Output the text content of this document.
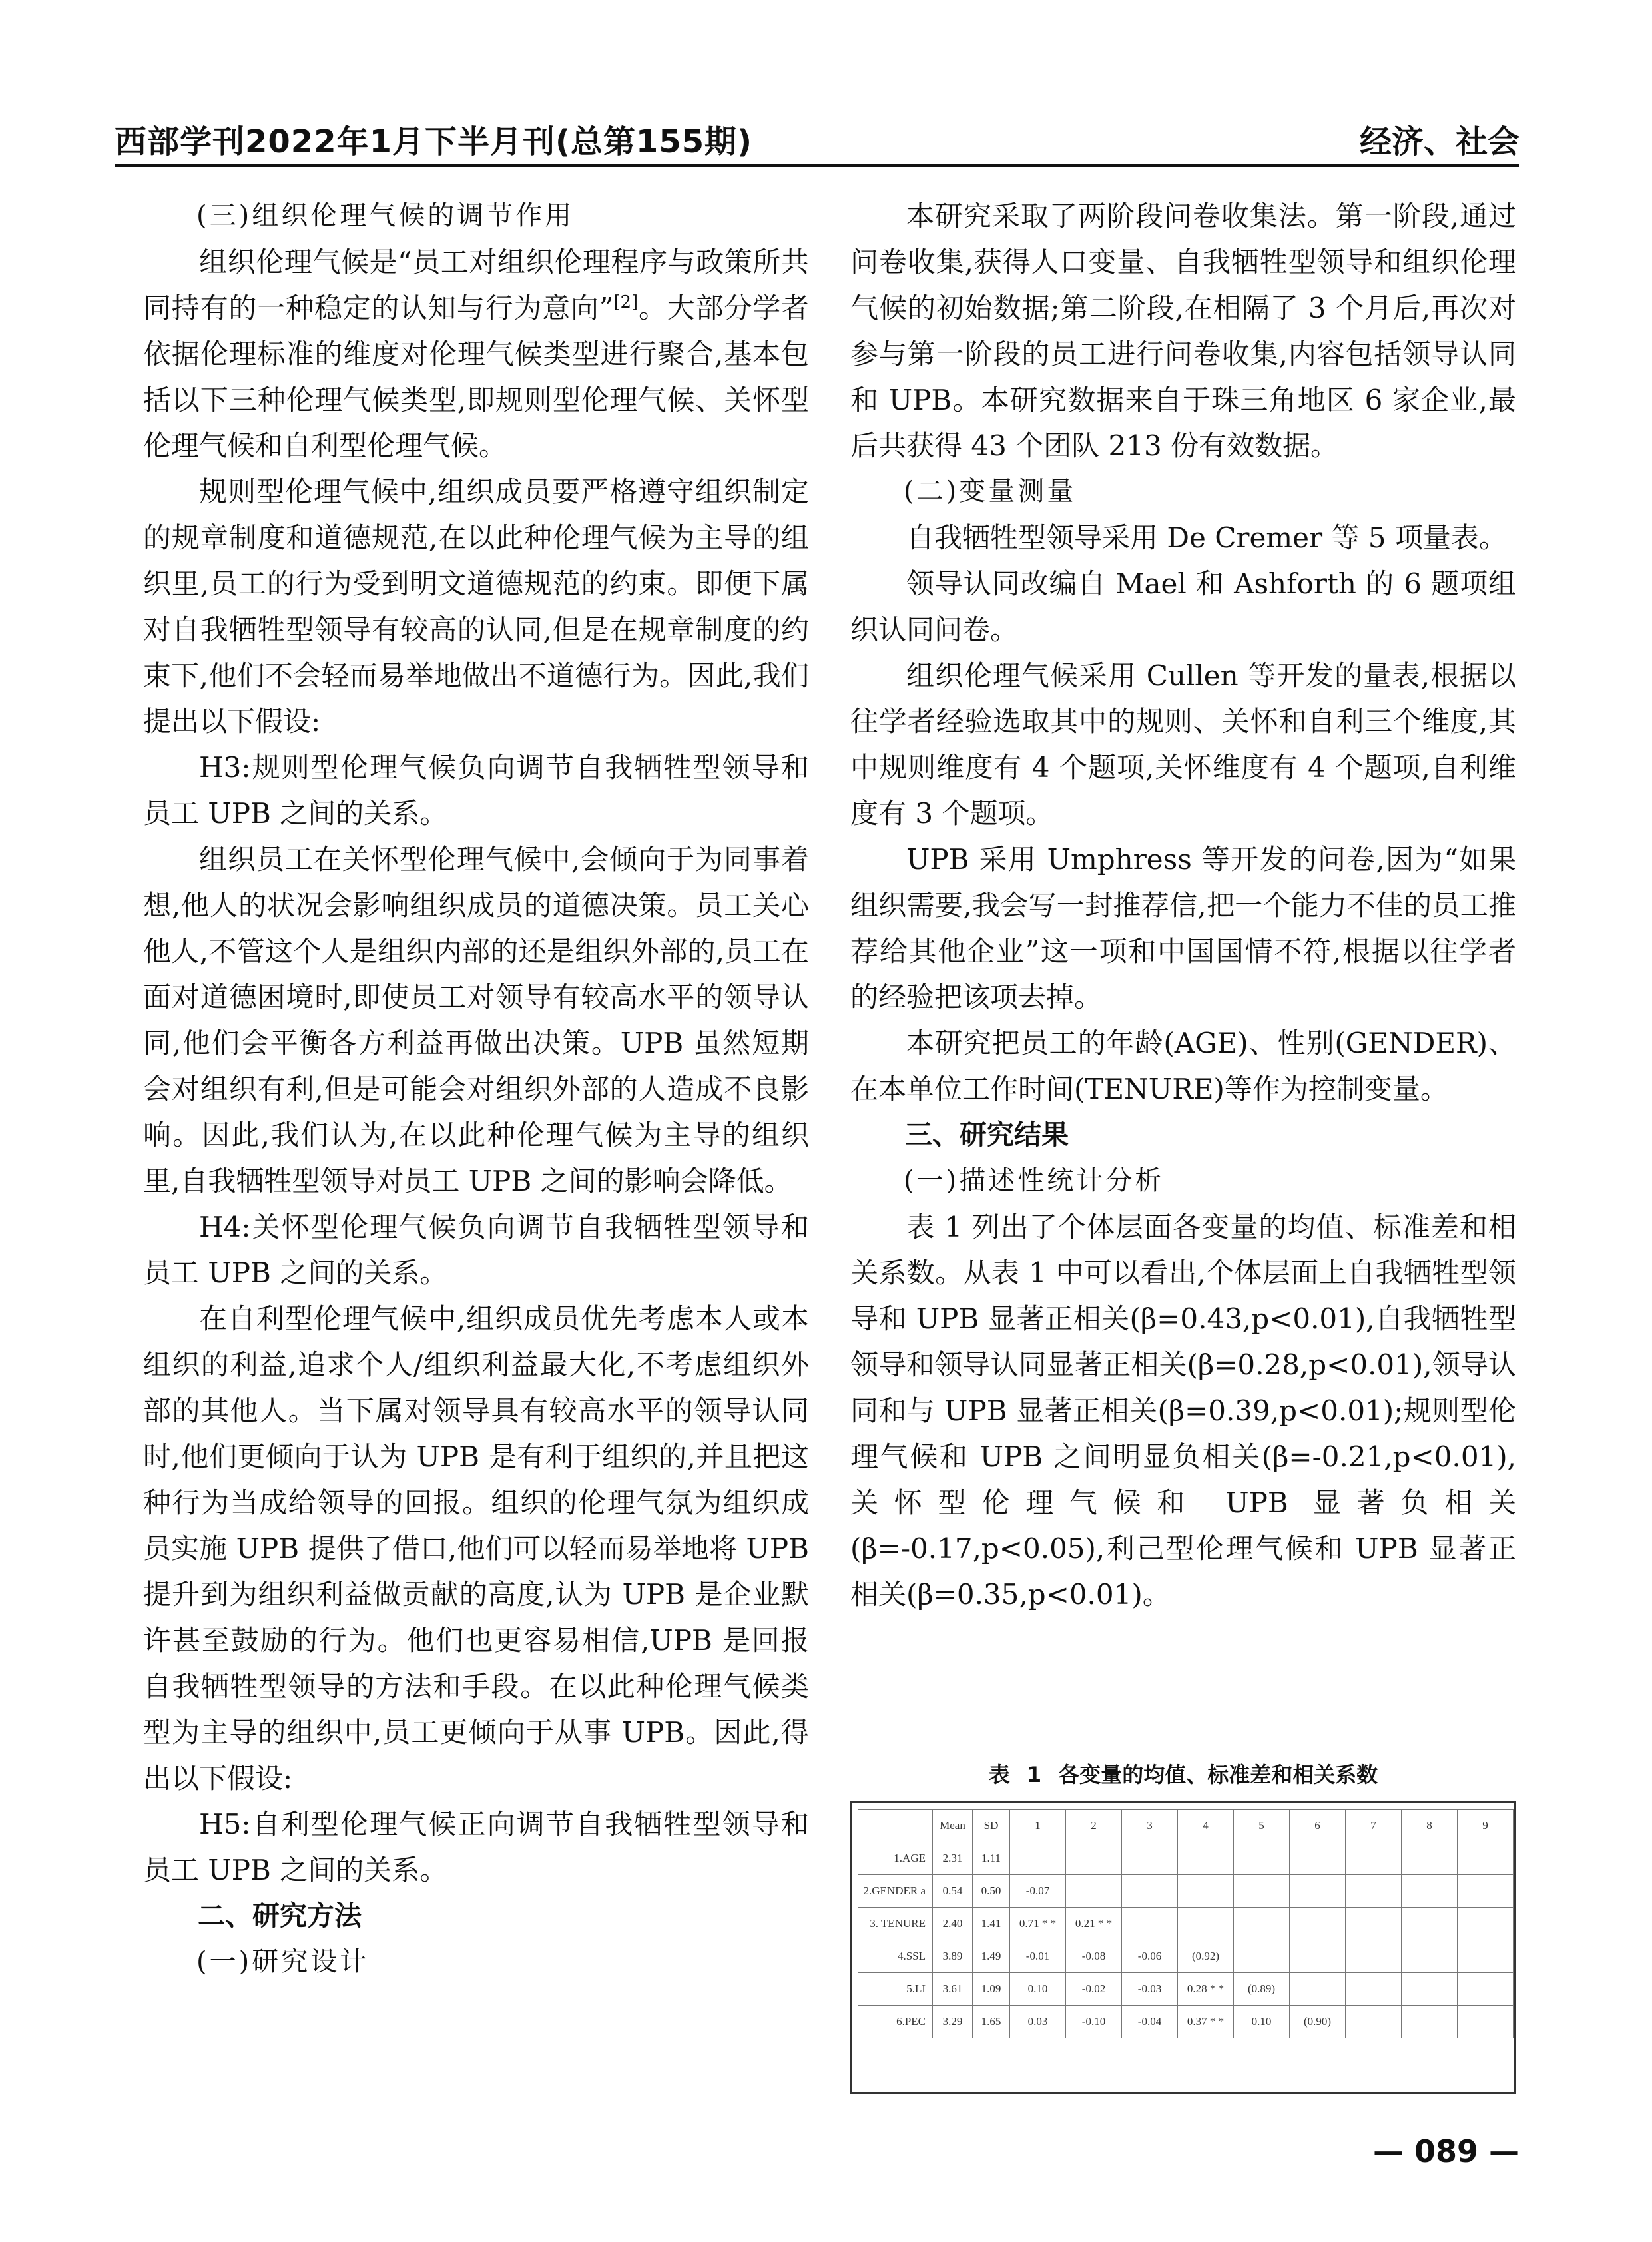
西部学刊2022年1月下半月刊(总第155期)	经济、社会

(三)组织伦理气候的调节作用

组织伦理气候是“员工对组织伦理程序与政策所共同持有的一种稳定的认知与行为意向”[2]。大部分学者依据伦理标准的维度对伦理气候类型进行聚合,基本包括以下三种伦理气候类型,即规则型伦理气候、关怀型伦理气候和自利型伦理气候。

规则型伦理气候中,组织成员要严格遵守组织制定的规章制度和道德规范,在以此种伦理气候为主导的组织里,员工的行为受到明文道德规范的约束。即便下属对自我牺牲型领导有较高的认同,但是在规章制度的约束下,他们不会轻而易举地做出不道德行为。因此,我们提出以下假设:

H3:规则型伦理气候负向调节自我牺牲型领导和员工 UPB 之间的关系。

组织员工在关怀型伦理气候中,会倾向于为同事着想,他人的状况会影响组织成员的道德决策。员工关心他人,不管这个人是组织内部的还是组织外部的,员工在面对道德困境时,即使员工对领导有较高水平的领导认同,他们会平衡各方利益再做出决策。UPB 虽然短期会对组织有利,但是可能会对组织外部的人造成不良影响。因此,我们认为,在以此种伦理气候为主导的组织里,自我牺牲型领导对员工 UPB 之间的影响会降低。

H4:关怀型伦理气候负向调节自我牺牲型领导和员工 UPB 之间的关系。

在自利型伦理气候中,组织成员优先考虑本人或本组织的利益,追求个人/组织利益最大化,不考虑组织外部的其他人。当下属对领导具有较高水平的领导认同时,他们更倾向于认为 UPB 是有利于组织的,并且把这种行为当成给领导的回报。组织的伦理气氛为组织成员实施 UPB 提供了借口,他们可以轻而易举地将 UPB 提升到为组织利益做贡献的高度,认为 UPB 是企业默许甚至鼓励的行为。他们也更容易相信,UPB 是回报自我牺牲型领导的方法和手段。在以此种伦理气候类型为主导的组织中,员工更倾向于从事 UPB。因此,得出以下假设:

H5:自利型伦理气候正向调节自我牺牲型领导和员工 UPB 之间的关系。

二、研究方法

(一)研究设计

本研究采取了两阶段问卷收集法。第一阶段,通过问卷收集,获得人口变量、自我牺牲型领导和组织伦理气候的初始数据;第二阶段,在相隔了 3 个月后,再次对参与第一阶段的员工进行问卷收集,内容包括领导认同和 UPB。本研究数据来自于珠三角地区 6 家企业,最后共获得 43 个团队 213 份有效数据。

(二)变量测量

自我牺牲型领导采用 De Cremer 等 5 项量表。

领导认同改编自 Mael 和 Ashforth 的 6 题项组织认同问卷。

组织伦理气候采用 Cullen 等开发的量表,根据以往学者经验选取其中的规则、关怀和自利三个维度,其中规则维度有 4 个题项,关怀维度有 4 个题项,自利维度有 3 个题项。

UPB 采用 Umphress 等开发的问卷,因为“如果组织需要,我会写一封推荐信,把一个能力不佳的员工推荐给其他企业”这一项和中国国情不符,根据以往学者的经验把该项去掉。

本研究把员工的年龄(AGE)、性别(GENDER)、在本单位工作时间(TENURE)等作为控制变量。

三、研究结果

(一)描述性统计分析

表 1 列出了个体层面各变量的均值、标准差和相关系数。从表 1 中可以看出,个体层面上自我牺牲型领导和 UPB 显著正相关(β=0.43,p<0.01),自我牺牲型领导和领导认同显著正相关(β=0.28,p<0.01),领导认同和与 UPB 显著正相关(β=0.39,p<0.01);规则型伦理气候和 UPB 之间明显负相关(β=-0.21,p<0.01),关怀型伦理气候和 UPB 显著负相关(β=-0.17,p<0.05),利己型伦理气候和 UPB 显著正相关(β=0.35,p<0.01)。

表 1 各变量的均值、标准差和相关系数
	Mean	SD	1	2	3	4	5	6	7	8	9
1.AGE	2.31	1.11									
2.GENDER a	0.54	0.50	-0.07								
3. TENURE	2.40	1.41	0.71 * *	0.21 * *							
4.SSL	3.89	1.49	-0.01	-0.08	-0.06	(0.92)					
5.LI	3.61	1.09	0.10	-0.02	-0.03	0.28 * *	(0.89)				
6.PEC	3.29	1.65	0.03	-0.10	-0.04	0.37 * *	0.10	(0.90)			
— 089 —
